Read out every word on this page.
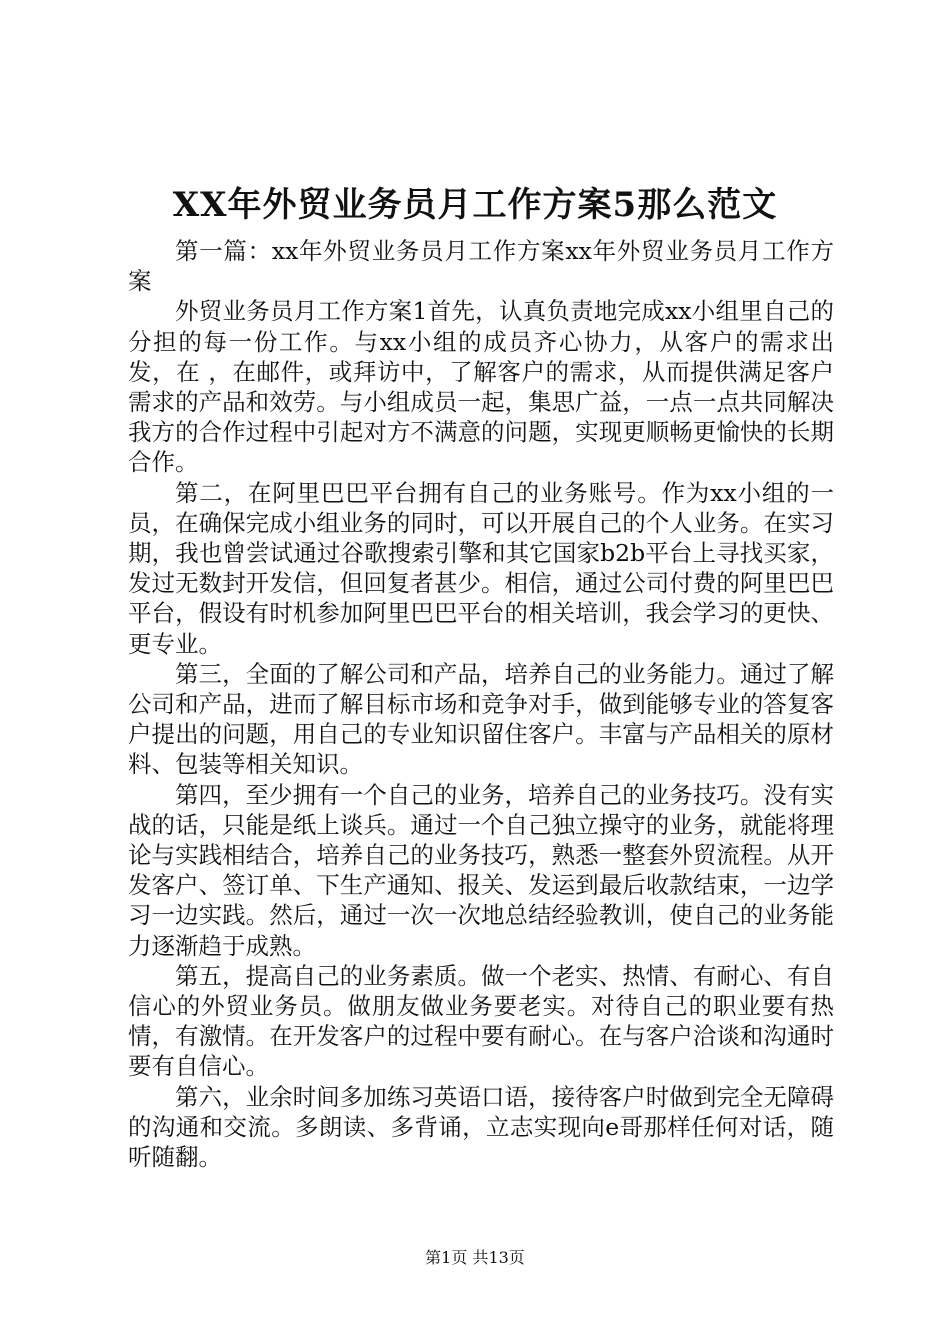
XX年外贸业务员月工作方案5那么范文

第一篇：xx年外贸业务员月工作方案xx年外贸业务员月工作方案

外贸业务员月工作方案1首先，认真负责地完成xx小组里自己的分担的每一份工作。与xx小组的成员齐心协力，从客户的需求出发，在 ，在邮件，或拜访中，了解客户的需求，从而提供满足客户需求的产品和效劳。与小组成员一起，集思广益，一点一点共同解决我方的合作过程中引起对方不满意的问题，实现更顺畅更愉快的长期合作。

第二，在阿里巴巴平台拥有自己的业务账号。作为xx小组的一员，在确保完成小组业务的同时，可以开展自己的个人业务。在实习期，我也曾尝试通过谷歌搜索引擎和其它国家b2b平台上寻找买家，发过无数封开发信，但回复者甚少。相信，通过公司付费的阿里巴巴平台，假设有时机参加阿里巴巴平台的相关培训，我会学习的更快、更专业。

第三，全面的了解公司和产品，培养自己的业务能力。通过了解公司和产品，进而了解目标市场和竞争对手，做到能够专业的答复客户提出的问题，用自己的专业知识留住客户。丰富与产品相关的原材料、包装等相关知识。

第四，至少拥有一个自己的业务，培养自己的业务技巧。没有实战的话，只能是纸上谈兵。通过一个自己独立操守的业务，就能将理论与实践相结合，培养自己的业务技巧，熟悉一整套外贸流程。从开发客户、签订单、下生产通知、报关、发运到最后收款结束，一边学习一边实践。然后，通过一次一次地总结经验教训，使自己的业务能力逐渐趋于成熟。

第五，提高自己的业务素质。做一个老实、热情、有耐心、有自信心的外贸业务员。做朋友做业务要老实。对待自己的职业要有热情，有激情。在开发客户的过程中要有耐心。在与客户洽谈和沟通时要有自信心。

第六，业余时间多加练习英语口语，接待客户时做到完全无障碍的沟通和交流。多朗读、多背诵，立志实现向e哥那样任何对话，随听随翻。

第1页 共13页
